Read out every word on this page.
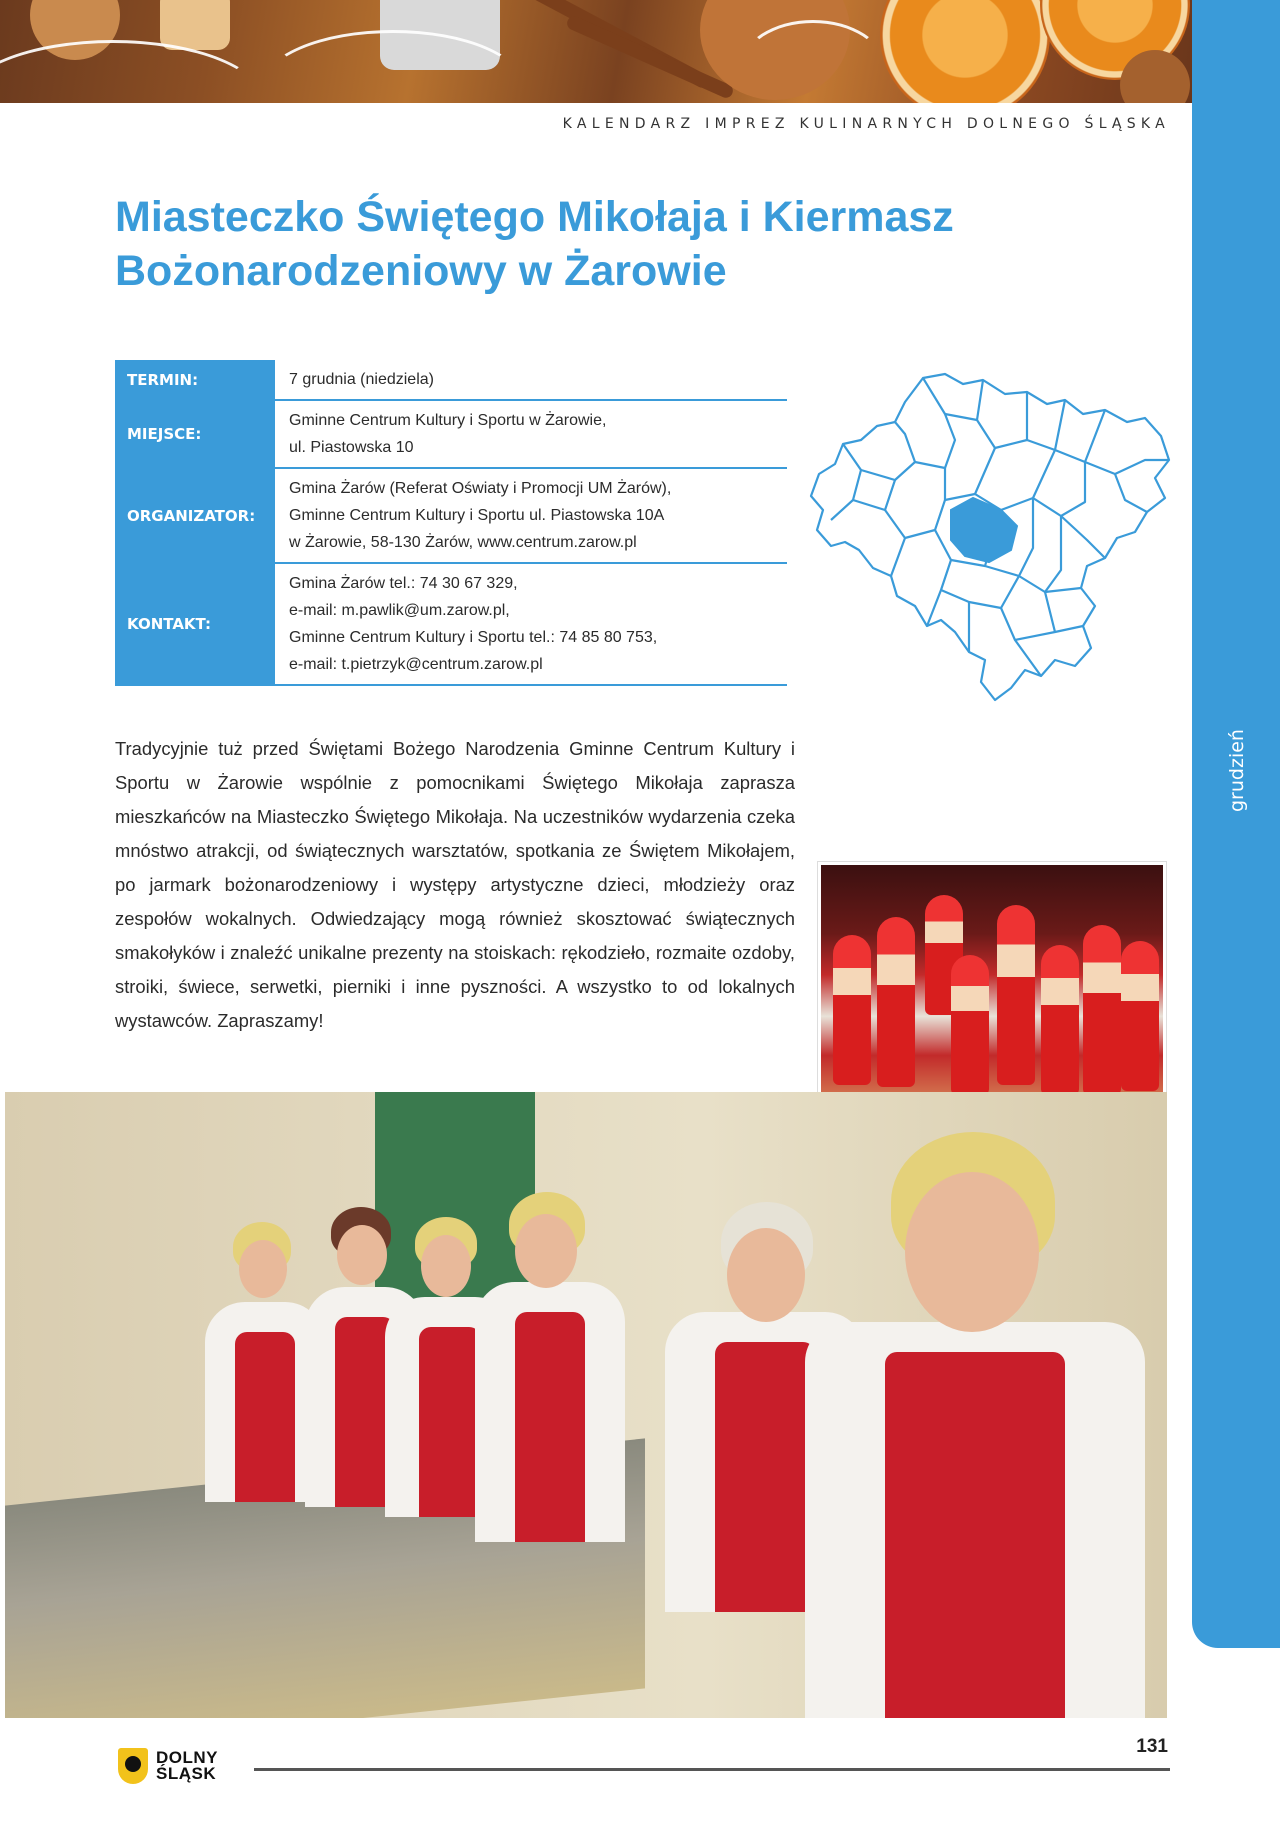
KALENDARZ IMPREZ KULINARNYCH DOLNEGO ŚLĄSKA
grudzień
Miasteczko Świętego Mikołaja i Kiermasz
Bożonarodzeniowy w Żarowie
TERMIN:	7 grudnia (niedziela)
MIEJSCE:
Gminne Centrum Kultury i Sportu w Żarowie,
ul. Piastowska 10
ORGANIZATOR:
Gmina Żarów (Referat Oświaty i Promocji UM Żarów),
Gminne Centrum Kultury i Sportu ul. Piastowska 10A
w Żarowie, 58-130 Żarów, www.centrum.zarow.pl
KONTAKT:
Gmina Żarów tel.: 74 30 67 329,
e-mail: m.pawlik@um.zarow.pl,
Gminne Centrum Kultury i Sportu tel.: 74 85 80 753,
e-mail: t.pietrzyk@centrum.zarow.pl

Tradycyjnie tuż przed Świętami Bożego Narodzenia Gminne Centrum Kultury i Sportu w Żarowie wspólnie z pomocnikami Świętego Mikołaja zaprasza mieszkańców na Miasteczko Świętego Mikołaja. Na uczestników wydarzenia czeka mnóstwo atrakcji, od świątecznych warsztatów, spotkania ze Świętem Mikołajem, po jarmark bożonarodzeniowy i występy artystyczne dzieci, młodzieży oraz zespołów wokalnych. Odwiedzający mogą również skosztować świątecznych smakołyków i znaleźć unikalne prezenty na stoiskach: rękodzieło, rozmaite ozdoby, stroiki, świece, serwetki, pierniki i inne pyszności. A wszystko to od lokalnych wystawców. Zapraszamy!

DOLNY
ŚLĄSK
131
